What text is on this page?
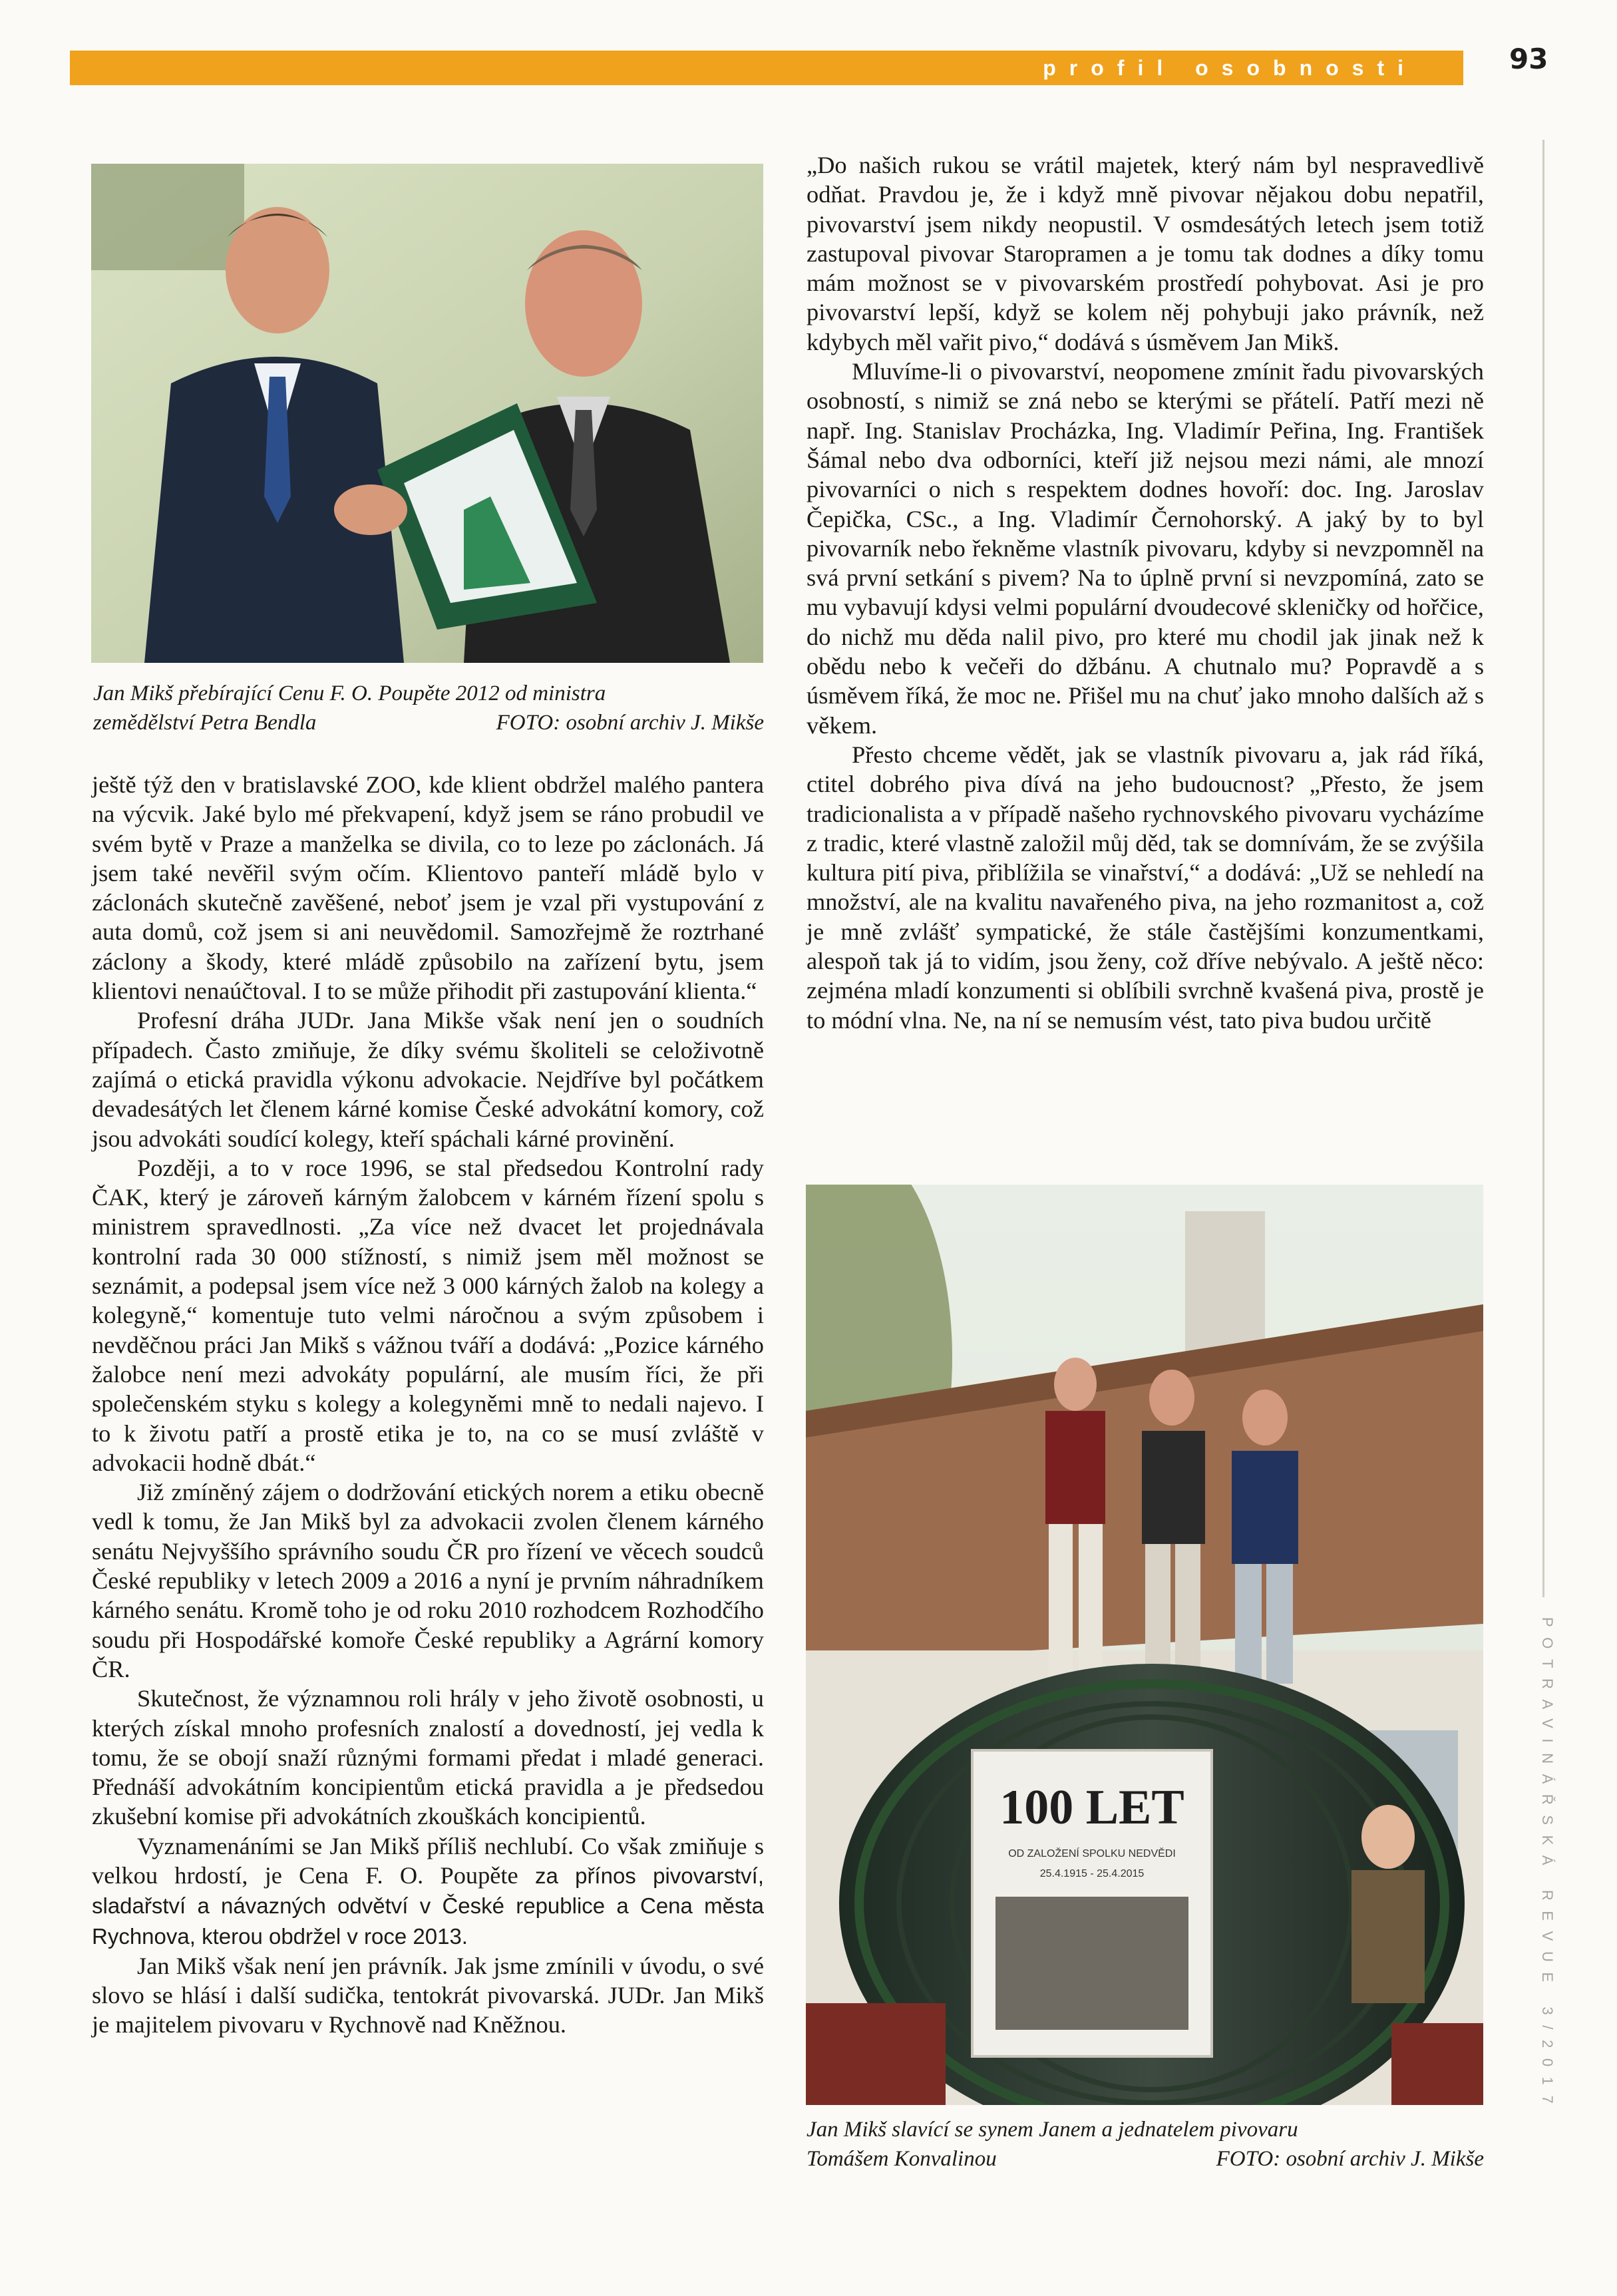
profil osobnosti	93
POTRAVINÁŘSKÁ REVUE 3/2017
Jan Mikš přebírající Cenu F. O. Poupěte 2012 od ministra
zemědělství Petra Bendla	FOTO: osobní archiv J. Mikše

ještě týž den v bratislavské ZOO, kde klient obdržel malého pantera na výcvik. Jaké bylo mé překvapení, když jsem se ráno probudil ve svém bytě v Praze a manželka se divila, co to leze po záclonách. Já jsem také nevěřil svým očím. Klientovo panteří mládě bylo v záclonách skutečně zavěšené, neboť jsem je vzal při vystupování z auta domů, což jsem si ani neuvědomil. Samozřejmě že roztrhané záclony a škody, které mládě způsobilo na zařízení bytu, jsem klientovi nenaúčtoval. I to se může přihodit při zastupování klienta.“

Profesní dráha JUDr. Jana Mikše však není jen o soudních případech. Často zmiňuje, že díky svému školiteli se celoživotně zajímá o etická pravidla výkonu advokacie. Nejdříve byl počátkem devadesátých let členem kárné komise České advokátní komory, což jsou advokáti soudící kolegy, kteří spáchali kárné provinění.

Později, a to v roce 1996, se stal předsedou Kontrolní rady ČAK, který je zároveň kárným žalobcem v kárném řízení spolu s ministrem spravedlnosti. „Za více než dvacet let projednávala kontrolní rada 30 000 stížností, s nimiž jsem měl možnost se seznámit, a podepsal jsem více než 3 000 kárných žalob na kolegy a kolegyně,“ komentuje tuto velmi náročnou a svým způsobem i nevděčnou práci Jan Mikš s vážnou tváří a dodává: „Pozice kárného žalobce není mezi advokáty populární, ale musím říci, že při společenském styku s kolegy a kolegyněmi mně to nedali najevo. I to k životu patří a prostě etika je to, na co se musí zvláště v advokacii hodně dbát.“

Již zmíněný zájem o dodržování etických norem a etiku obecně vedl k tomu, že Jan Mikš byl za advokacii zvolen členem kárného senátu Nejvyššího správního soudu ČR pro řízení ve věcech soudců České republiky v letech 2009 a 2016 a nyní je prvním náhradníkem kárného senátu. Kromě toho je od roku 2010 rozhodcem Rozhodčího soudu při Hospodářské komoře České republiky a Agrární komory ČR.

Skutečnost, že významnou roli hrály v jeho životě osobnosti, u kterých získal mnoho profesních znalostí a dovedností, jej vedla k tomu, že se obojí snaží různými formami předat i mladé generaci. Přednáší advokátním koncipientům etická pravidla a je předsedou zkušební komise při advokátních zkouškách koncipientů.

Vyznamenáními se Jan Mikš příliš nechlubí. Co však zmiňuje s velkou hrdostí, je Cena F. O. Poupěte za přínos pivovarství, sladařství a návazných odvětví v České republice a Cena města Rychnova, kterou obdržel v roce 2013.

Jan Mikš však není jen právník. Jak jsme zmínili v úvodu, o své slovo se hlásí i další sudička, tentokrát pivovarská. JUDr. Jan Mikš je majitelem pivovaru v Rychnově nad Kněžnou.

„Do našich rukou se vrátil majetek, který nám byl nespravedlivě odňat. Pravdou je, že i když mně pivovar nějakou dobu nepatřil, pivovarství jsem nikdy neopustil. V osmdesátých letech jsem totiž zastupoval pivovar Staropramen a je tomu tak dodnes a díky tomu mám možnost se v pivovarském prostředí pohybovat. Asi je pro pivovarství lepší, když se kolem něj pohybuji jako právník, než kdybych měl vařit pivo,“ dodává s úsměvem Jan Mikš.

Mluvíme-li o pivovarství, neopomene zmínit řadu pivovarských osobností, s nimiž se zná nebo se kterými se přátelí. Patří mezi ně např. Ing. Stanislav Procházka, Ing. Vladimír Peřina, Ing. František Šámal nebo dva odborníci, kteří již nejsou mezi námi, ale mnozí pivovarníci o nich s respektem dodnes hovoří: doc. Ing. Jaroslav Čepička, CSc., a Ing. Vladimír Černohorský. A jaký by to byl pivovarník nebo řekněme vlastník pivovaru, kdyby si nevzpomněl na svá první setkání s pivem? Na to úplně první si nevzpomíná, zato se mu vybavují kdysi velmi populární dvoudecové skleničky od hořčice, do nichž mu děda nalil pivo, pro které mu chodil jak jinak než k obědu nebo k večeři do džbánu. A chutnalo mu? Popravdě a s úsměvem říká, že moc ne. Přišel mu na chuť jako mnoho dalších až s věkem.

Přesto chceme vědět, jak se vlastník pivovaru a, jak rád říká, ctitel dobrého piva dívá na jeho budoucnost? „Přesto, že jsem tradicionalista a v případě našeho rychnovského pivovaru vycházíme z tradic, které vlastně založil můj děd, tak se domnívám, že se zvýšila kultura pití piva, přiblížila se vinařství,“ a dodává: „Už se nehledí na množství, ale na kvalitu navařeného piva, na jeho rozmanitost a, což je mně zvlášť sympatické, že stále častějšími konzumentkami, alespoň tak já to vidím, jsou ženy, což dříve nebývalo. A ještě něco: zejména mladí konzumenti si oblíbili svrchně kvašená piva, prostě je to módní vlna. Ne, na ní se nemusím vést, tato piva budou určitě

100 LET
OD ZALOŽENÍ SPOLKU NEDVĚDI
25.4.1915 - 25.4.2015
Jan Mikš slavící se synem Janem a jednatelem pivovaru
Tomášem Konvalinou	FOTO: osobní archiv J. Mikše
